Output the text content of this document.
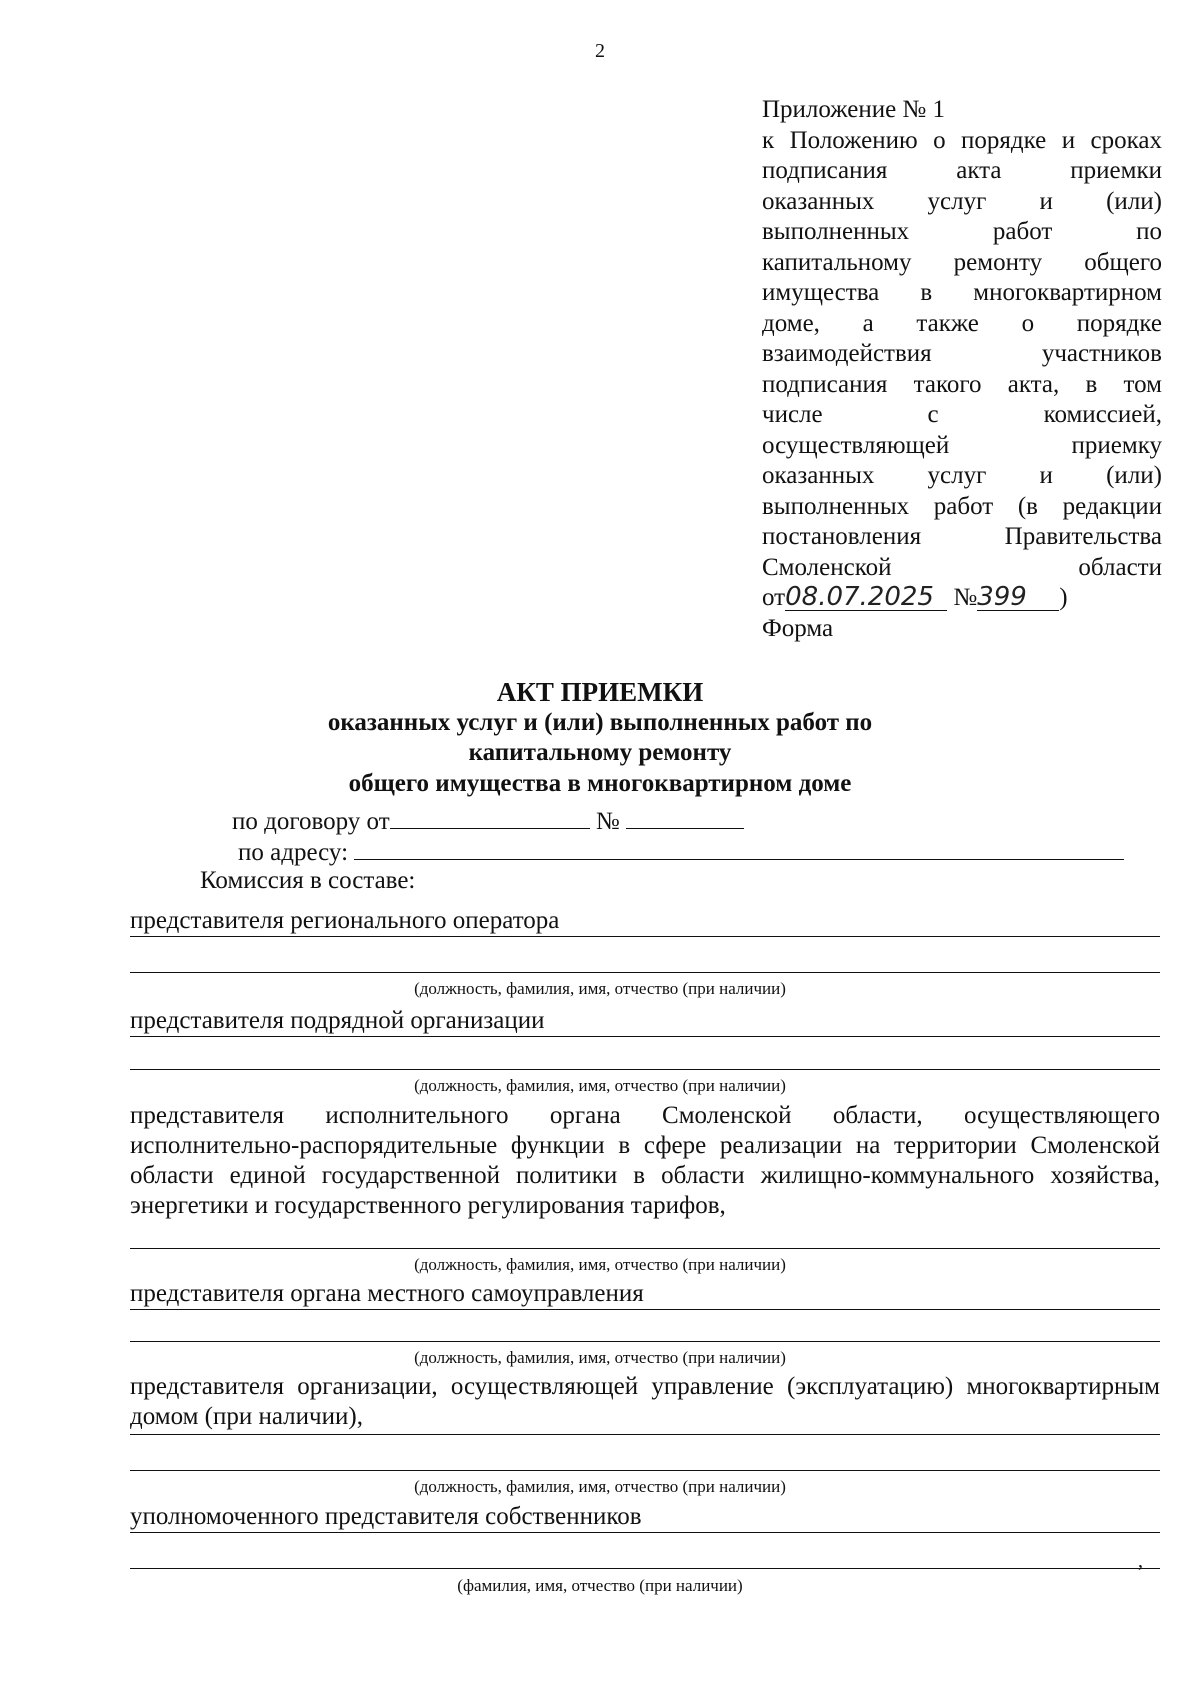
2
Приложение № 1
к Положению о порядке и сроках
подписания акта приемки
оказанных услуг и (или)
выполненных работ по
капитальному ремонту общего
имущества в многоквартирном
доме, а также о порядке
взаимодействия участников
подписания такого акта, в том
числе с комиссией,
осуществляющей приемку
оказанных услуг и (или)
выполненных работ (в редакции
постановления Правительства
Смоленской области
от08.07.2025 №399 )
Форма
АКТ ПРИЕМКИ
оказанных услуг и (или) выполненных работ по
капитальному ремонту
общего имущества в многоквартирном доме
по договору от	№
по адресу:
Комиссия в составе:
представителя регионального оператора
(должность, фамилия, имя, отчество (при наличии)
представителя подрядной организации
(должность, фамилия, имя, отчество (при наличии)
представителя исполнительного органа Смоленской области, осуществляющего исполнительно-распорядительные функции в сфере реализации на территории Смоленской области единой государственной политики в области жилищно-коммунального хозяйства, энергетики и государственного регулирования тарифов,
(должность, фамилия, имя, отчество (при наличии)
представителя органа местного самоуправления
(должность, фамилия, имя, отчество (при наличии)
представителя организации, осуществляющей управление (эксплуатацию) многоквартирным домом (при наличии),
(должность, фамилия, имя, отчество (при наличии)
уполномоченного представителя собственников
,
(фамилия, имя, отчество (при наличии)
